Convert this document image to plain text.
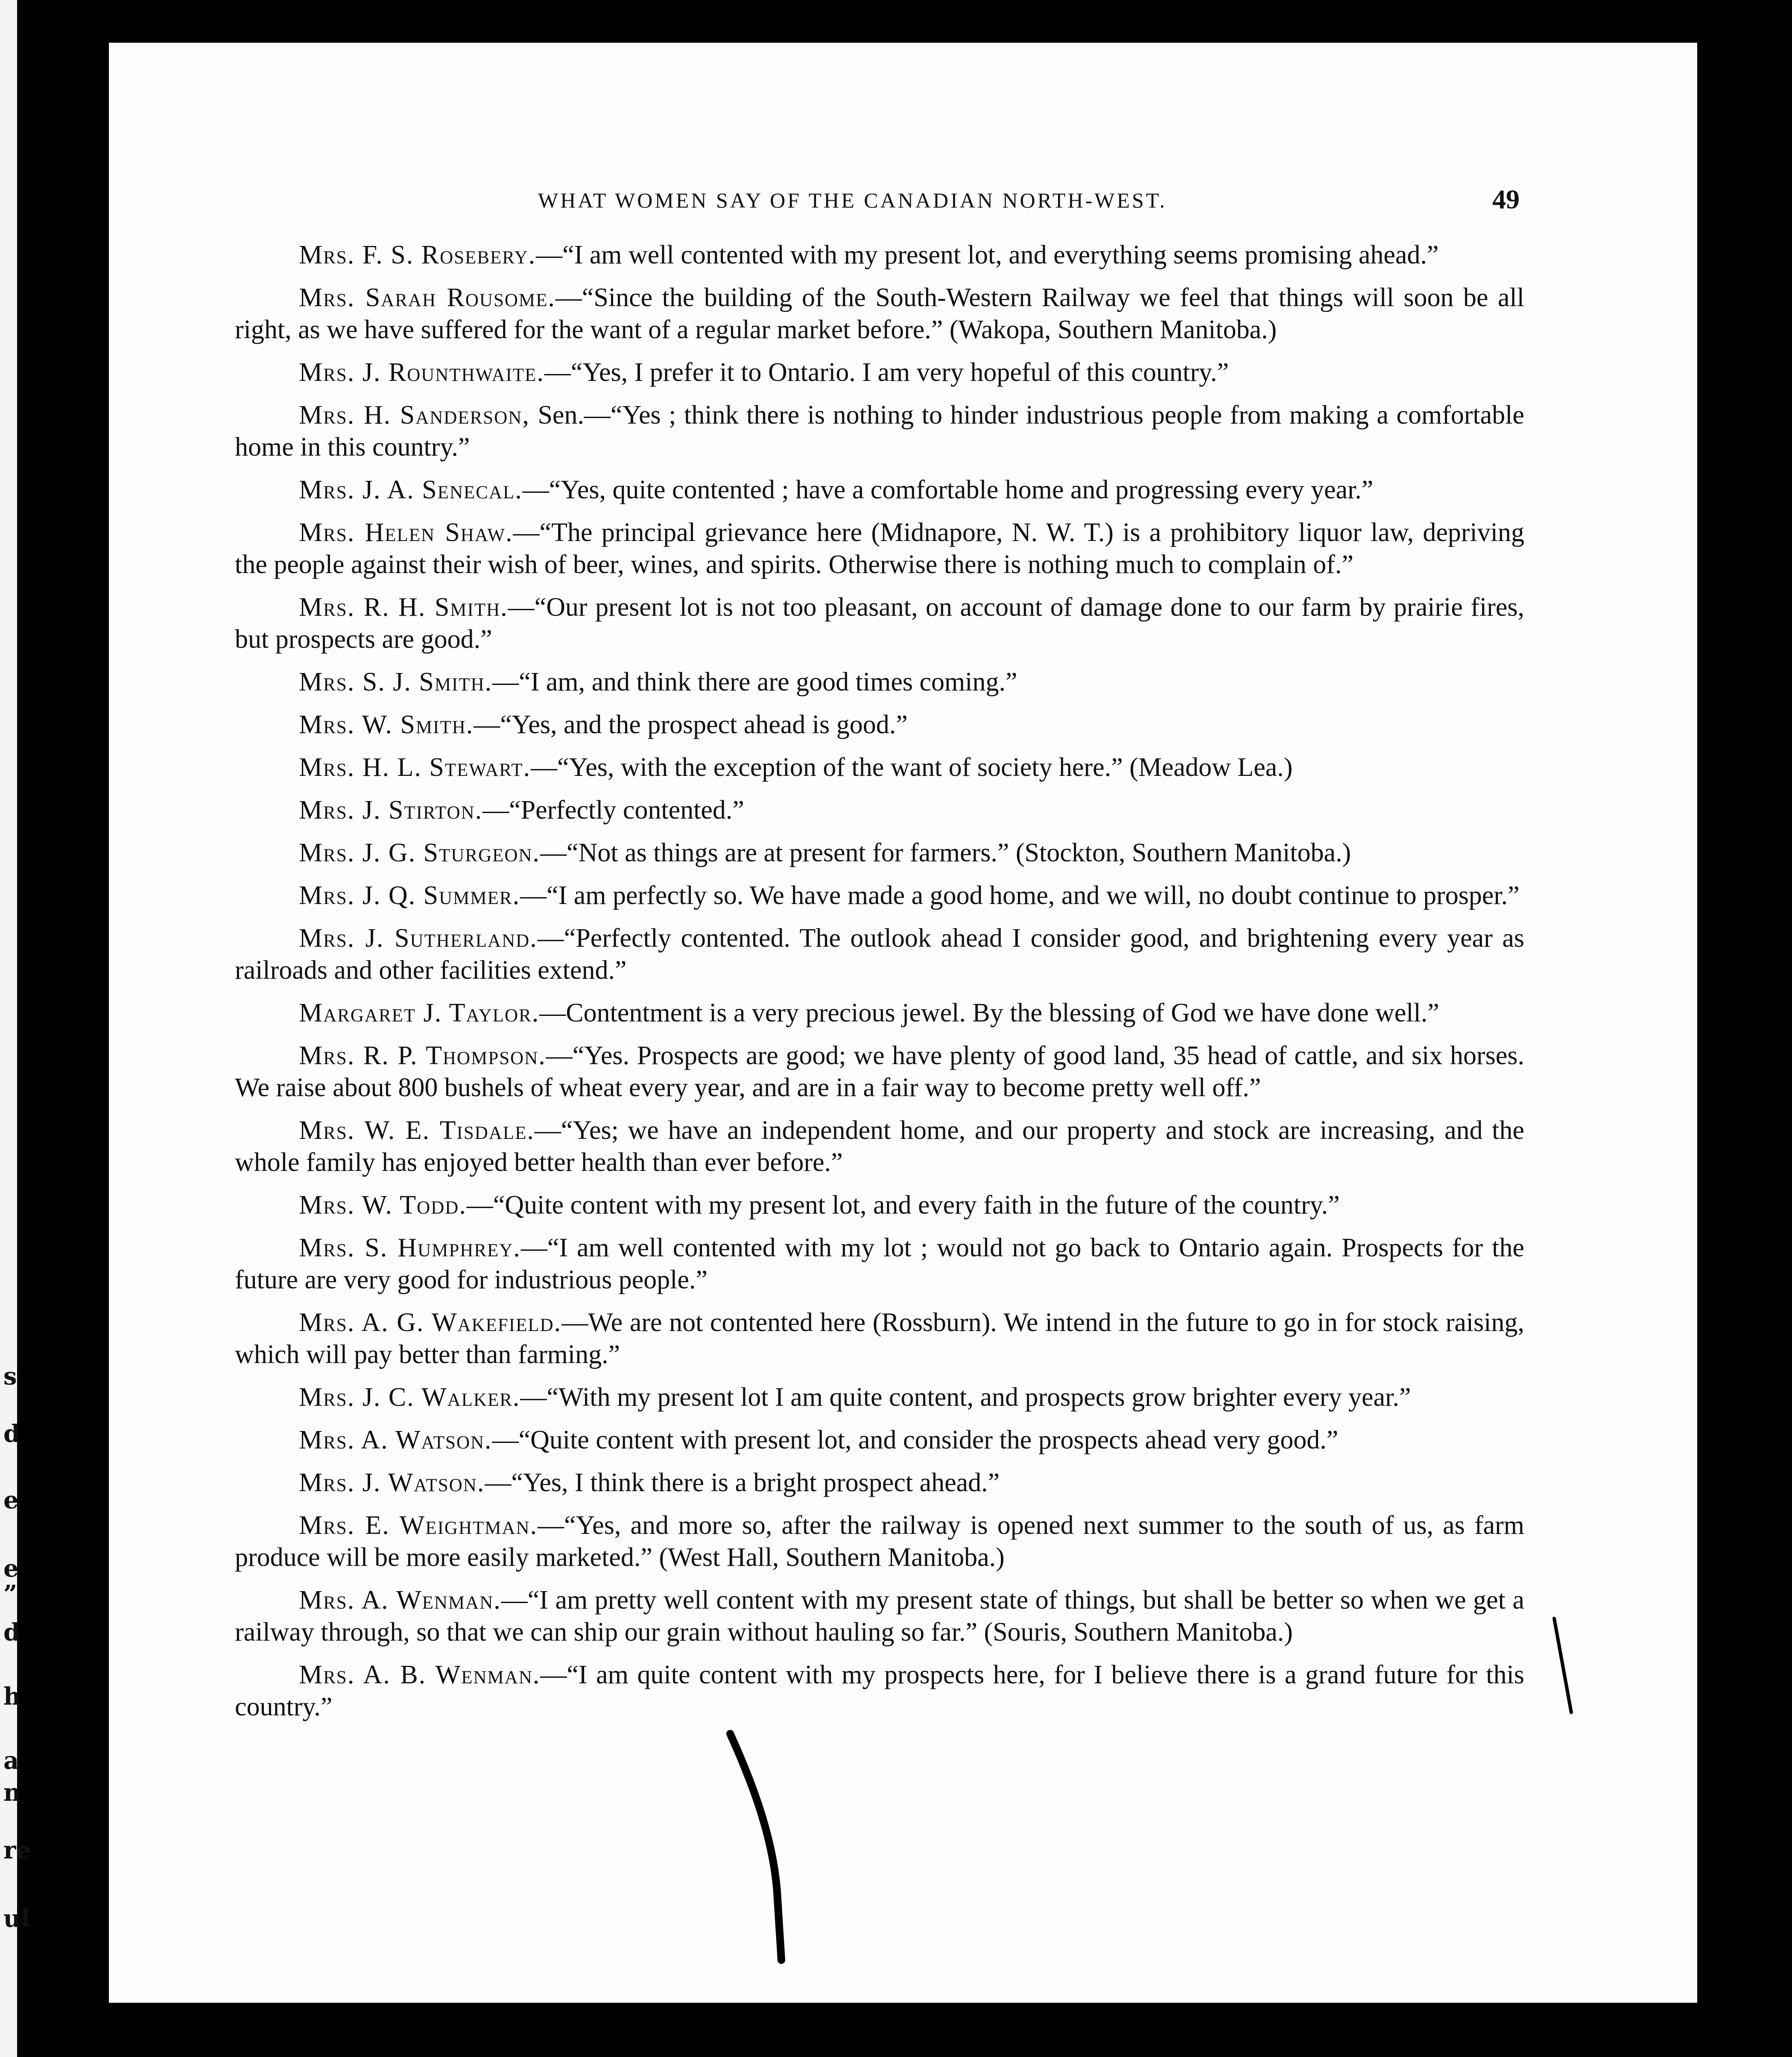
s
d
e
e
”
d
h
a
n
re
ul
WHAT WOMEN SAY OF THE CANADIAN NORTH-WEST.	49

Mrs. F. S. Rosebery.—“I am well contented with my present lot, and everything seems promising ahead.”

Mrs. Sarah Rousome.—“Since the building of the South-Western Railway we feel that things will soon be all right, as we have suffered for the want of a regular market before.” (Wakopa, Southern Manitoba.)

Mrs. J. Rounthwaite.—“Yes, I prefer it to Ontario. I am very hopeful of this country.”

Mrs. H. Sanderson, Sen.—“Yes ; think there is nothing to hinder industrious people from making a comfortable home in this country.”

Mrs. J. A. Senecal.—“Yes, quite contented ; have a comfortable home and progressing every year.”

Mrs. Helen Shaw.—“The principal grievance here (Midnapore, N. W. T.) is a prohibitory liquor law, depriving the people against their wish of beer, wines, and spirits. Otherwise there is nothing much to complain of.”

Mrs. R. H. Smith.—“Our present lot is not too pleasant, on account of damage done to our farm by prairie fires, but prospects are good.”

Mrs. S. J. Smith.—“I am, and think there are good times coming.”

Mrs. W. Smith.—“Yes, and the prospect ahead is good.”

Mrs. H. L. Stewart.—“Yes, with the exception of the want of society here.” (Meadow Lea.)

Mrs. J. Stirton.—“Perfectly contented.”

Mrs. J. G. Sturgeon.—“Not as things are at present for farmers.” (Stockton, Southern Manitoba.)

Mrs. J. Q. Summer.—“I am perfectly so. We have made a good home, and we will, no doubt continue to prosper.”

Mrs. J. Sutherland.—“Perfectly contented. The outlook ahead I consider good, and brightening every year as railroads and other facilities extend.”

Margaret J. Taylor.—Contentment is a very precious jewel. By the blessing of God we have done well.”

Mrs. R. P. Thompson.—“Yes. Prospects are good; we have plenty of good land, 35 head of cattle, and six horses. We raise about 800 bushels of wheat every year, and are in a fair way to become pretty well off.”

Mrs. W. E. Tisdale.—“Yes; we have an independent home, and our property and stock are increasing, and the whole family has enjoyed better health than ever before.”

Mrs. W. Todd.—“Quite content with my present lot, and every faith in the future of the country.”

Mrs. S. Humphrey.—“I am well contented with my lot ; would not go back to Ontario again. Prospects for the future are very good for industrious people.”

Mrs. A. G. Wakefield.—We are not contented here (Rossburn). We intend in the future to go in for stock raising, which will pay better than farming.”

Mrs. J. C. Walker.—“With my present lot I am quite content, and prospects grow brighter every year.”

Mrs. A. Watson.—“Quite content with present lot, and consider the prospects ahead very good.”

Mrs. J. Watson.—“Yes, I think there is a bright prospect ahead.”

Mrs. E. Weightman.—“Yes, and more so, after the railway is opened next summer to the south of us, as farm produce will be more easily marketed.” (West Hall, Southern Manitoba.)

Mrs. A. Wenman.—“I am pretty well content with my present state of things, but shall be better so when we get a railway through, so that we can ship our grain without hauling so far.” (Souris, Southern Manitoba.)

Mrs. A. B. Wenman.—“I am quite content with my prospects here, for I believe there is a grand future for this country.”
